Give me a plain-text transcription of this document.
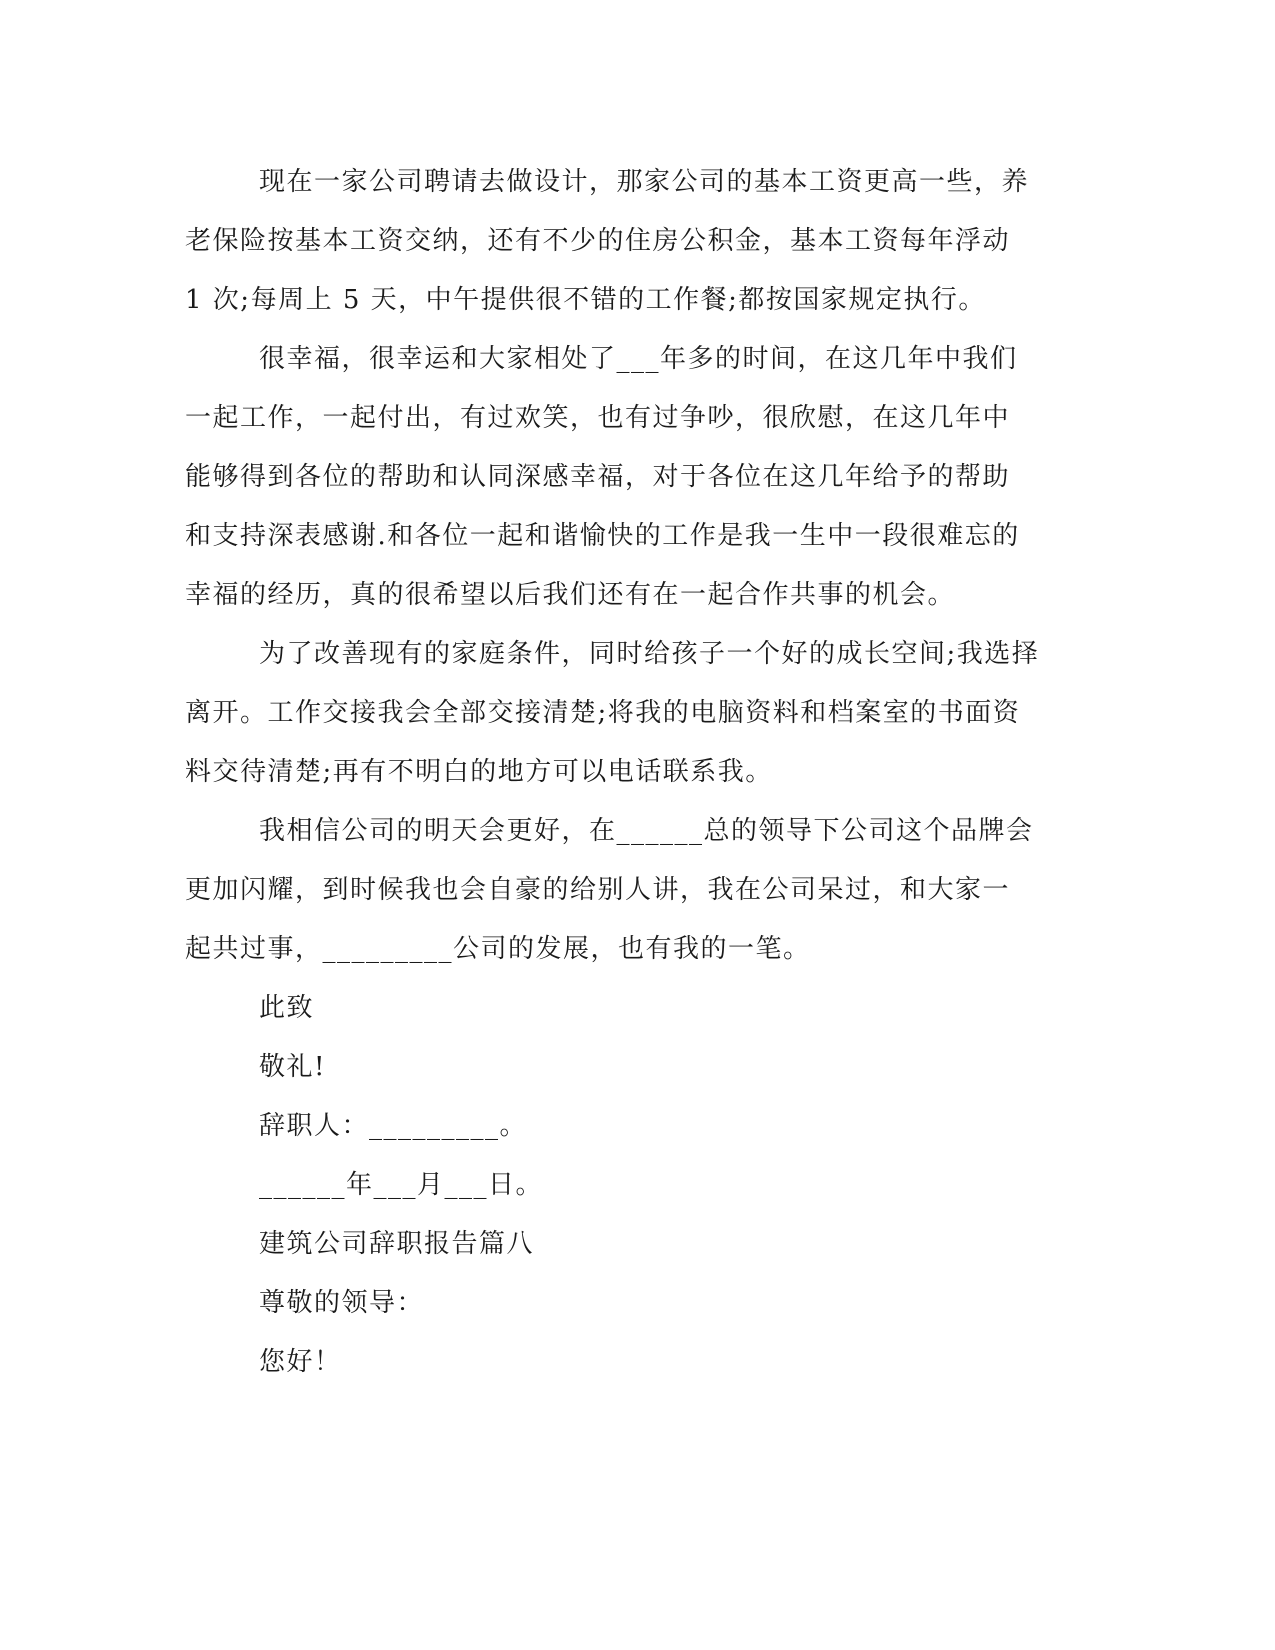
现在一家公司聘请去做设计，那家公司的基本工资更高一些，养
老保险按基本工资交纳，还有不少的住房公积金，基本工资每年浮动
1 次;每周上 5 天，中午提供很不错的工作餐;都按国家规定执行。
很幸福，很幸运和大家相处了___年多的时间，在这几年中我们
一起工作，一起付出，有过欢笑，也有过争吵，很欣慰，在这几年中
能够得到各位的帮助和认同深感幸福，对于各位在这几年给予的帮助
和支持深表感谢.和各位一起和谐愉快的工作是我一生中一段很难忘的
幸福的经历，真的很希望以后我们还有在一起合作共事的机会。
为了改善现有的家庭条件，同时给孩子一个好的成长空间;我选择
离开。工作交接我会全部交接清楚;将我的电脑资料和档案室的书面资
料交待清楚;再有不明白的地方可以电话联系我。
我相信公司的明天会更好，在______总的领导下公司这个品牌会
更加闪耀，到时候我也会自豪的给别人讲，我在公司呆过，和大家一
起共过事，_________公司的发展，也有我的一笔。
此致
敬礼!
辞职人：_________。
______年___月___日。
建筑公司辞职报告篇八
尊敬的领导：
您好！
